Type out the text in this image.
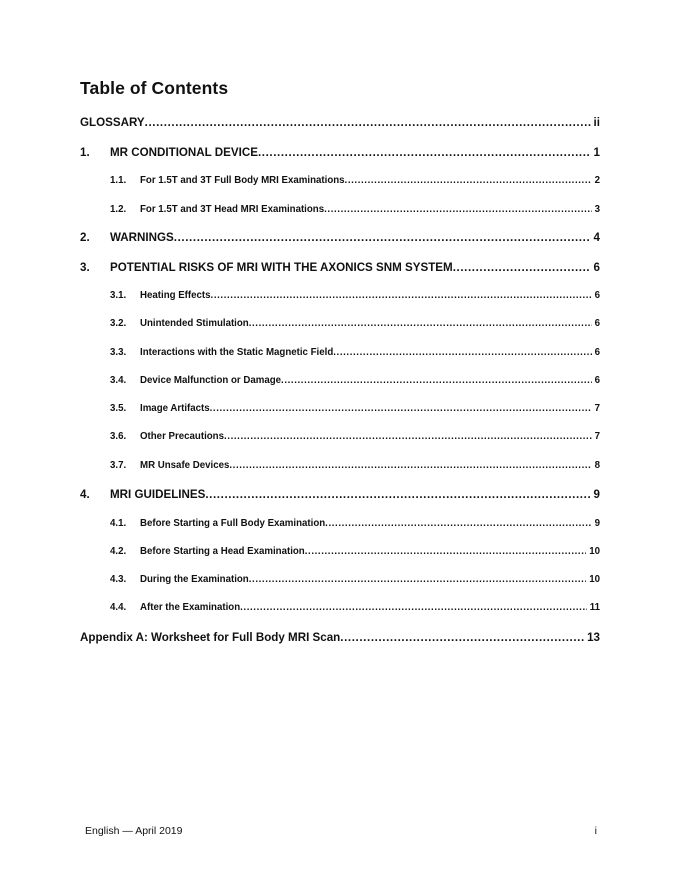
Table of Contents
GLOSSARY .....	ii
1.	MR CONDITIONAL DEVICE .....	1
1.1.	For 1.5T and 3T Full Body MRI Examinations .....	2
1.2.	For 1.5T and 3T Head MRI Examinations .....	3
2.	WARNINGS .....	4
3.	POTENTIAL RISKS OF MRI WITH THE AXONICS SNM SYSTEM .....	6
3.1.	Heating Effects .....	6
3.2.	Unintended Stimulation .....	6
3.3.	Interactions with the Static Magnetic Field .....	6
3.4.	Device Malfunction or Damage .....	6
3.5.	Image Artifacts .....	7
3.6.	Other Precautions .....	7
3.7.	MR Unsafe Devices .....	8
4.	MRI GUIDELINES .....	9
4.1.	Before Starting a Full Body Examination .....	9
4.2.	Before Starting a Head Examination .....	10
4.3.	During the Examination .....	10
4.4.	After the Examination .....	11
Appendix A: Worksheet for Full Body MRI Scan .....	13
English — April 2019	i
